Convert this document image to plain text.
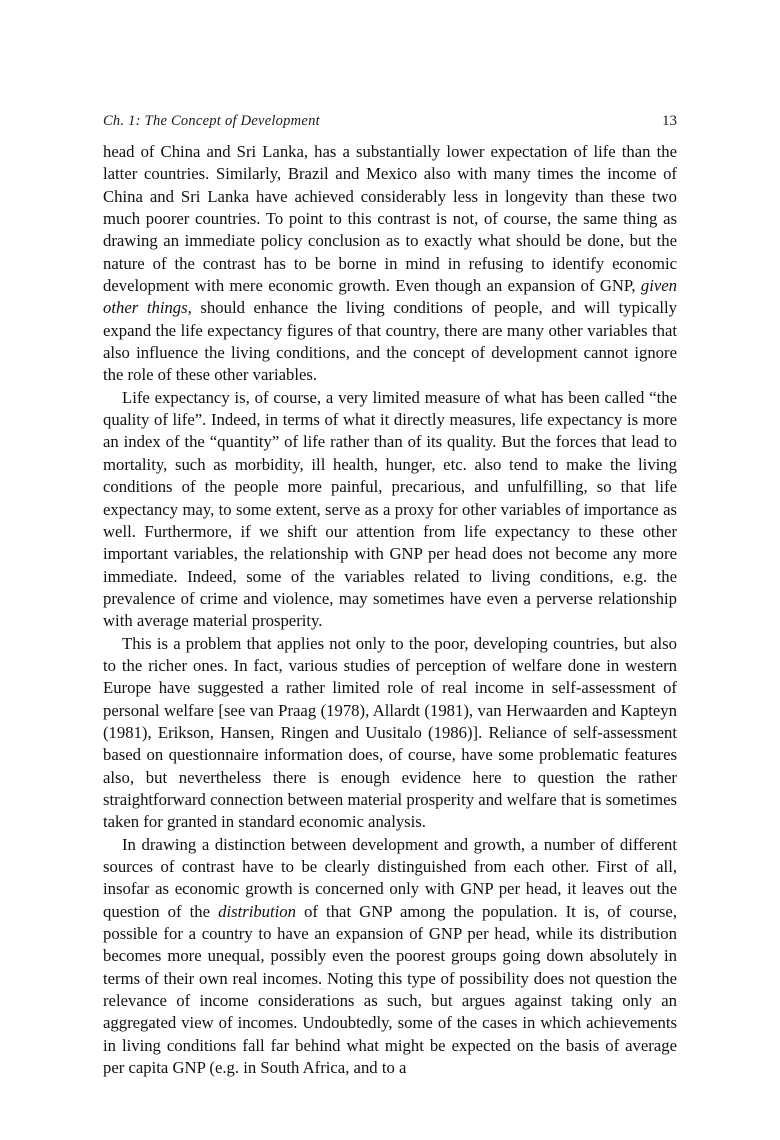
Ch. 1: The Concept of Development	13

head of China and Sri Lanka, has a substantially lower expectation of life than the latter countries. Similarly, Brazil and Mexico also with many times the income of China and Sri Lanka have achieved considerably less in longevity than these two much poorer countries. To point to this contrast is not, of course, the same thing as drawing an immediate policy conclusion as to exactly what should be done, but the nature of the contrast has to be borne in mind in refusing to identify economic development with mere economic growth. Even though an expansion of GNP, given other things, should enhance the living conditions of people, and will typically expand the life expectancy figures of that country, there are many other variables that also influence the living conditions, and the concept of development cannot ignore the role of these other variables.

Life expectancy is, of course, a very limited measure of what has been called “the quality of life”. Indeed, in terms of what it directly measures, life expectancy is more an index of the “quantity” of life rather than of its quality. But the forces that lead to mortality, such as morbidity, ill health, hunger, etc. also tend to make the living conditions of the people more painful, precarious, and unfulfilling, so that life expectancy may, to some extent, serve as a proxy for other variables of importance as well. Furthermore, if we shift our attention from life expectancy to these other important variables, the relationship with GNP per head does not become any more immediate. Indeed, some of the variables related to living conditions, e.g. the prevalence of crime and violence, may sometimes have even a perverse relationship with average material prosperity.

This is a problem that applies not only to the poor, developing countries, but also to the richer ones. In fact, various studies of perception of welfare done in western Europe have suggested a rather limited role of real income in self-assessment of personal welfare [see van Praag (1978), Allardt (1981), van Herwaarden and Kapteyn (1981), Erikson, Hansen, Ringen and Uusitalo (1986)]. Reliance of self-assessment based on questionnaire information does, of course, have some problematic features also, but nevertheless there is enough evidence here to question the rather straightforward connection between material prosperity and welfare that is sometimes taken for granted in standard economic analysis.

In drawing a distinction between development and growth, a number of different sources of contrast have to be clearly distinguished from each other. First of all, insofar as economic growth is concerned only with GNP per head, it leaves out the question of the distribution of that GNP among the population. It is, of course, possible for a country to have an expansion of GNP per head, while its distribution becomes more unequal, possibly even the poorest groups going down absolutely in terms of their own real incomes. Noting this type of possibility does not question the relevance of income considerations as such, but argues against taking only an aggregated view of incomes. Undoubtedly, some of the cases in which achievements in living conditions fall far behind what might be expected on the basis of average per capita GNP (e.g. in South Africa, and to a
